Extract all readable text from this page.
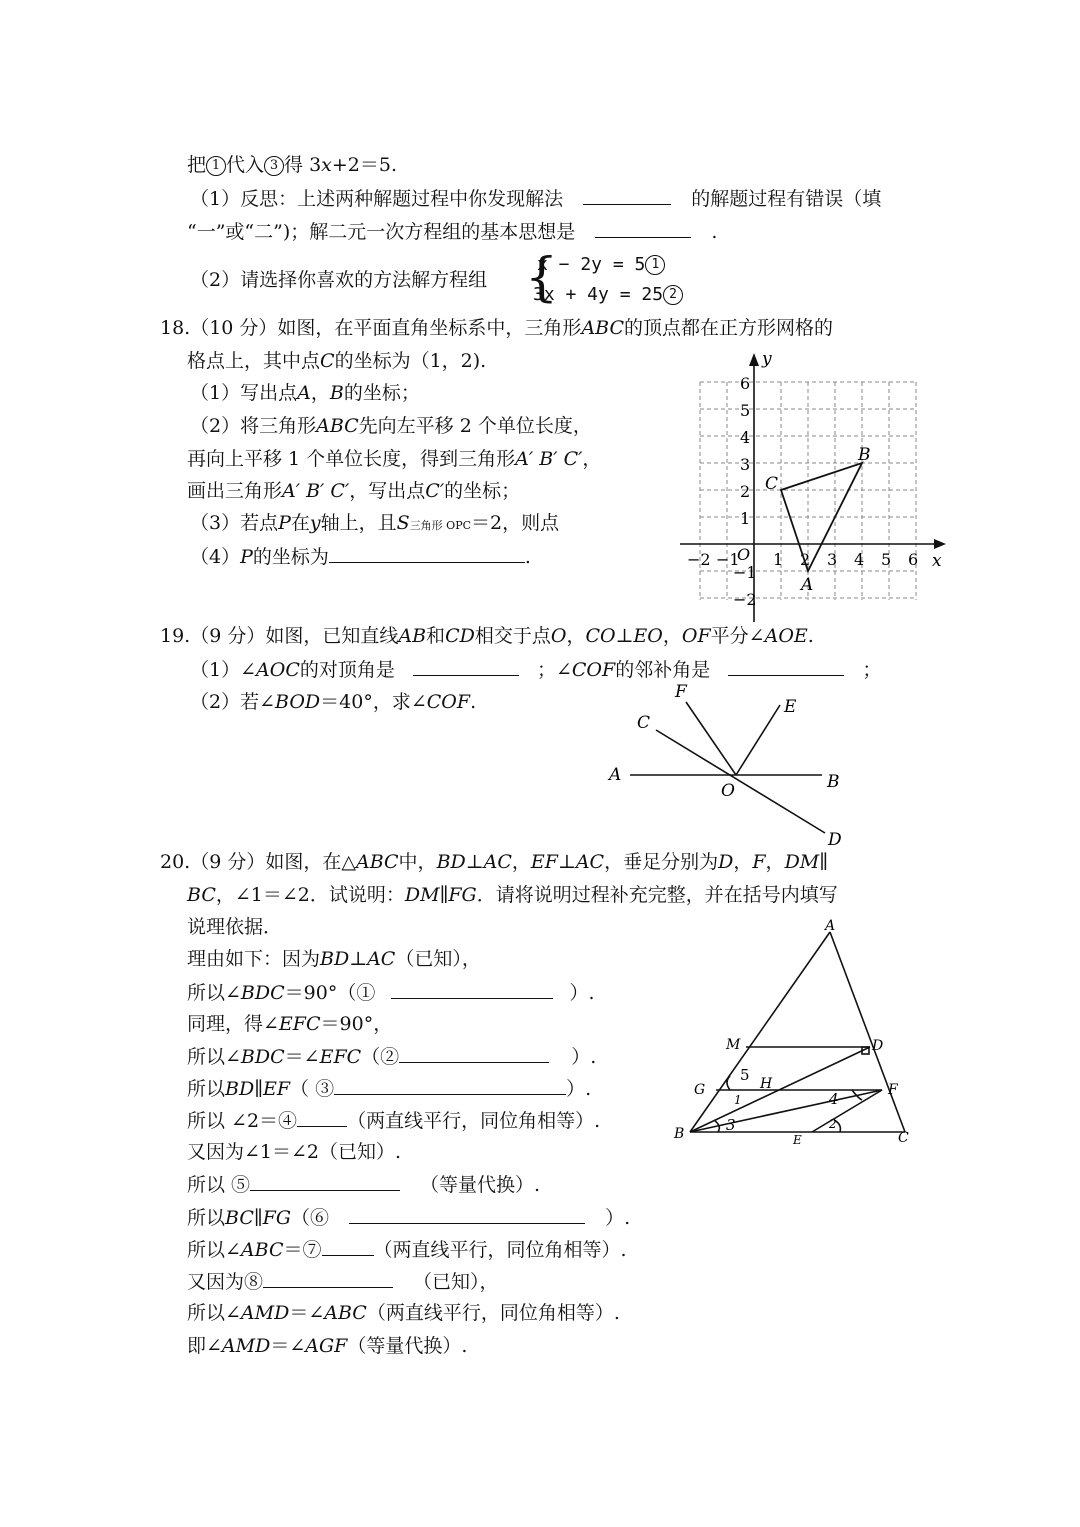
把 1 代入 3 得 3x+2＝5.
（1）反思：上述两种解题过程中你发现解法	的解题过程有错误（填
“一”或“二”)；解二元一次方程组的基本思想是	.
（2）请选择你喜欢的方法解方程组 {
x − 2y = 5 1
3x + 4y = 25 2
18.（10 分）如图，在平面直角坐标系中，三角形ABC的顶点都在正方形网格的
格点上，其中点C的坐标为（1，2).
（1）写出点A，B的坐标；
（2）将三角形ABC先向左平移 2 个单位长度，
再向上平移 1 个单位长度，得到三角形A′ B′ C′，
画出三角形A′ B′ C′，写出点C′的坐标；
（3）若点P在y轴上，且S三角形 OPC＝2，则点
（4）P的坐标为	.	x
y
O
−2 −1 1 2 3 4 5 6
6
5
4
3
2
1
−1
−2
C
B
A
19.（9 分）如图，已知直线AB和CD相交于点O，CO⊥EO，OF平分∠AOE.
（1）∠AOC的对顶角是	；∠COF的邻补角是	；
（2）若∠BOD＝40°，求∠COF.	F
E
C
A
O	B
D
20.（9 分）如图，在△ABC中，BD⊥AC，EF⊥AC，垂足分别为D，F，DM∥
BC，∠1＝∠2．试说明：DM∥FG．请将说明过程补充完整，并在括号内填写
说理依据．
理由如下：因为BD⊥AC（已知），
所以∠BDC＝90°（①	）.
同理，得∠EFC＝90°，
所以∠BDC＝∠EFC（②	）.
所以BD∥EF（ ③	）.
所以 ∠2＝④	（两直线平行，同位角相等）.
又因为∠1＝∠2（已知）.
所以 ⑤	（等量代换）.
所以BC∥FG（⑥	）.
所以∠ABC＝⑦	（两直线平行，同位角相等）.
又因为⑧	（已知），
所以∠AMD＝∠ABC（两直线平行，同位角相等）.
即∠AMD＝∠AGF（等量代换）.
A
M	D
G	H	F
B	E	C
5
1
3
4
2
